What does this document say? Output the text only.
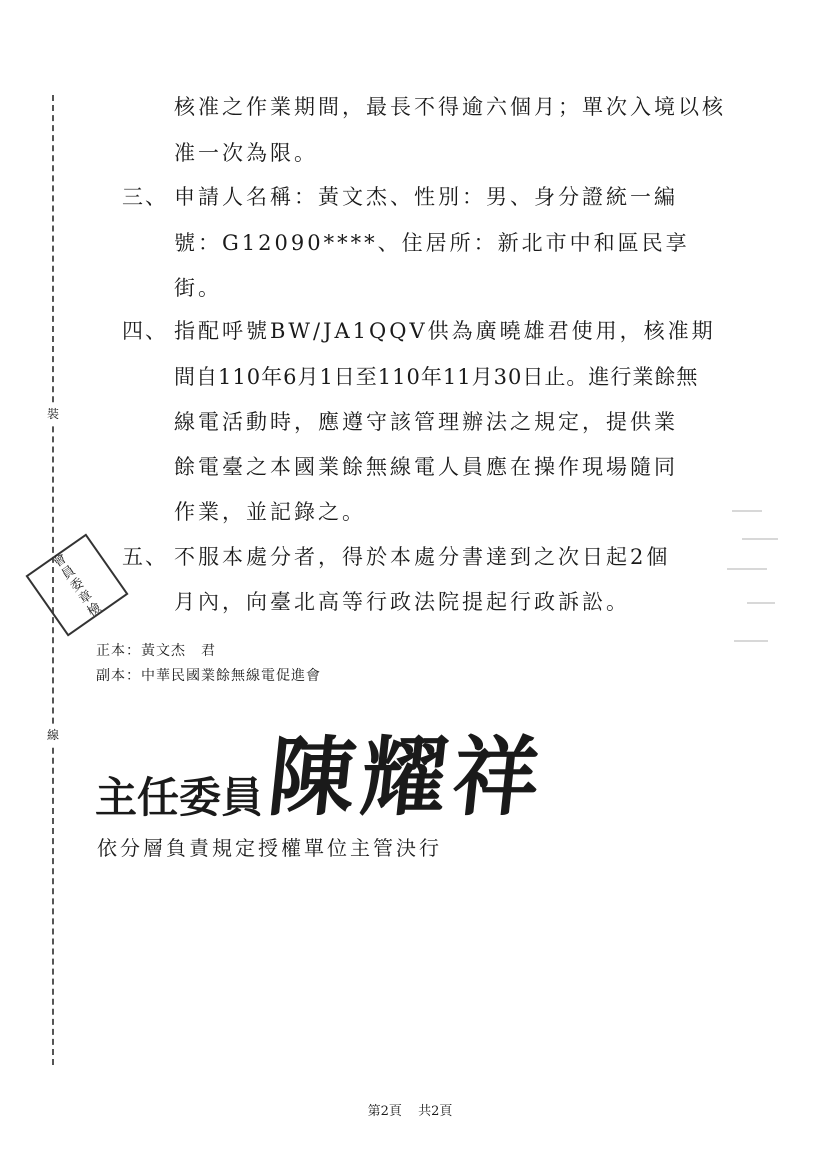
裝
線
核准之作業期間，最長不得逾六個月；單次入境以核
准一次為限。
三、 申請人名稱：黃文杰、性別：男、身分證統一編
號：G12090****、住居所：新北市中和區民享
街。
四、 指配呼號BW/JA1QQV供為廣曉雄君使用，核准期
間自110年6月1日至110年11月30日止。進行業餘無
線電活動時，應遵守該管理辦法之規定，提供業
餘電臺之本國業餘無線電人員應在操作現場隨同
作業，並記錄之。
五、 不服本處分者，得於本處分書達到之次日起2個
月內，向臺北高等行政法院提起行政訴訟。
會
員
委
章
檢
正本：黃文杰　君
副本：中華民國業餘無線電促進會
主任委員 陳耀祥
依分層負責規定授權單位主管決行
第2頁 共2頁
